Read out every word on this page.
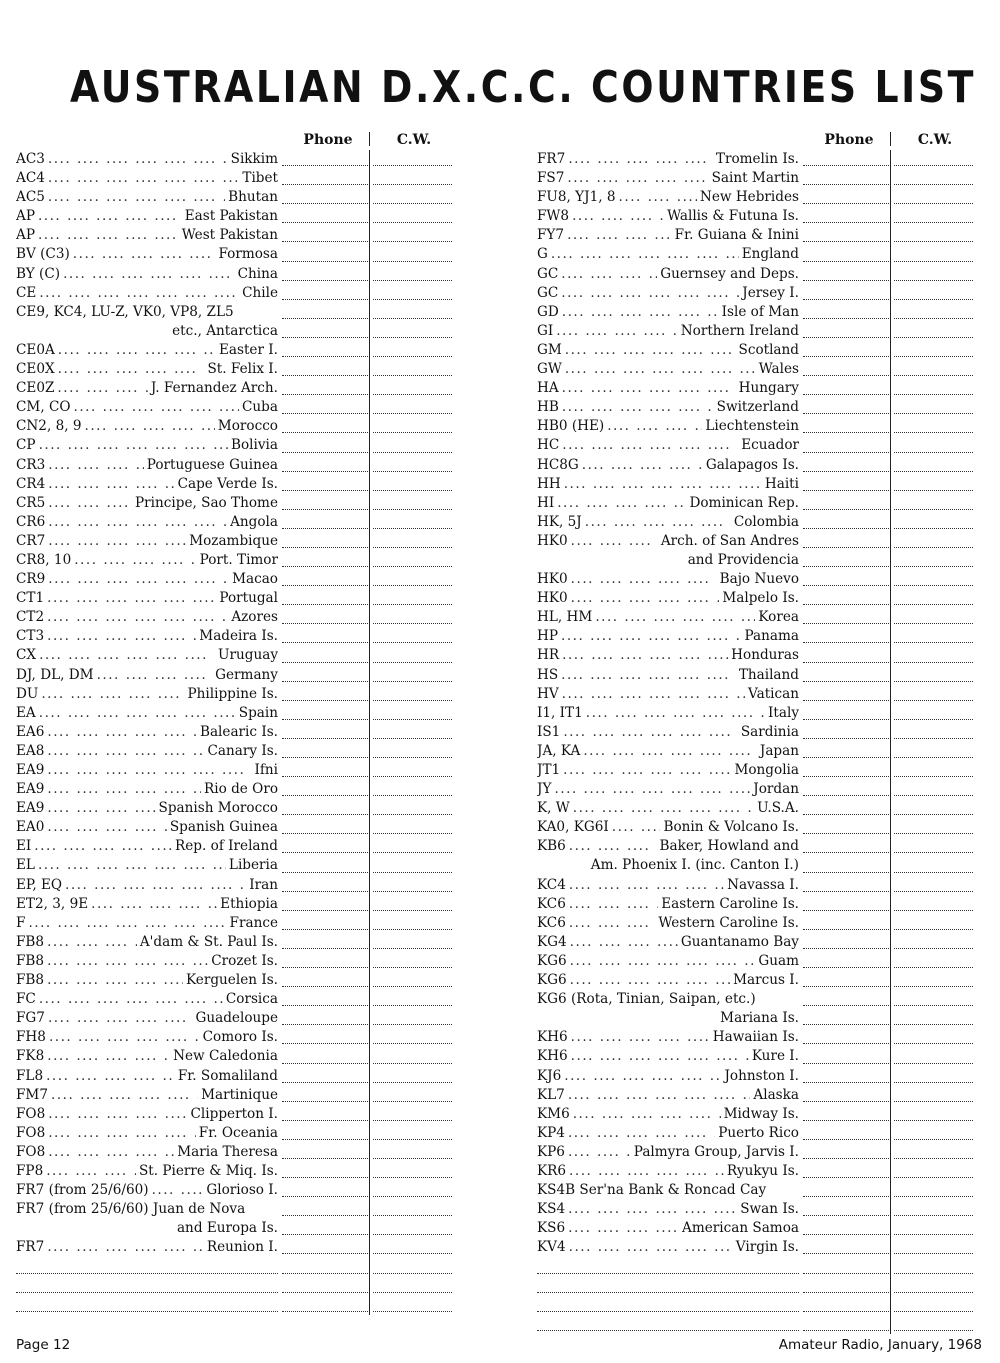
AUSTRALIAN D.X.C.C. COUNTRIES LIST
Phone	C.W.
AC3 ....	Sikkim
AC4 ....	Tibet
AC5 ....	Bhutan
AP ....	East Pakistan
AP ....	West Pakistan
BV (C3) ....	Formosa
BY (C) ....	China
CE ....	Chile
CE9, KC4, LU-Z, VK0, VP8, ZL5
etc., Antarctica
CE0A ....	Easter I.
CE0X ....	St. Felix I.
CE0Z ....	J. Fernandez Arch.
CM, CO ....	Cuba
CN2, 8, 9 ....	Morocco
CP ....	Bolivia
CR3 ....	Portuguese Guinea
CR4 ....	Cape Verde Is.
CR5 ....	Principe, Sao Thome
CR6 ....	Angola
CR7 ....	Mozambique
CR8, 10 ....	Port. Timor
CR9 ....	Macao
CT1 ....	Portugal
CT2 ....	Azores
CT3 ....	Madeira Is.
CX ....	Uruguay
DJ, DL, DM ....	Germany
DU ....	Philippine Is.
EA ....	Spain
EA6 ....	Balearic Is.
EA8 ....	Canary Is.
EA9 ....	Ifni
EA9 ....	Rio de Oro
EA9 ....	Spanish Morocco
EA0 ....	Spanish Guinea
EI ....	Rep. of Ireland
EL ....	Liberia
EP, EQ ....	Iran
ET2, 3, 9E ....	Ethiopia
F ....	France
FB8 ....	A'dam & St. Paul Is.
FB8 ....	Crozet Is.
FB8 ....	Kerguelen Is.
FC ....	Corsica
FG7 ....	Guadeloupe
FH8 ....	Comoro Is.
FK8 ....	New Caledonia
FL8 ....	Fr. Somaliland
FM7 ....	Martinique
FO8 ....	Clipperton I.
FO8 ....	Fr. Oceania
FO8 ....	Maria Theresa
FP8 ....	St. Pierre & Miq. Is.
FR7 (from 25/6/60) ....	Glorioso I.
FR7 (from 25/6/60) Juan de Nova
and Europa Is.
FR7 ....	Reunion I.
Phone	C.W.
FR7 ....	Tromelin Is.
FS7 ....	Saint Martin
FU8, YJ1, 8 ....	New Hebrides
FW8 ....	Wallis & Futuna Is.
FY7 ....	Fr. Guiana & Inini
G ....	England
GC ....	Guernsey and Deps.
GC ....	Jersey I.
GD ....	Isle of Man
GI ....	Northern Ireland
GM ....	Scotland
GW ....	Wales
HA ....	Hungary
HB ....	Switzerland
HB0 (HE) ....	Liechtenstein
HC ....	Ecuador
HC8G ....	Galapagos Is.
HH ....	Haiti
HI ....	Dominican Rep.
HK, 5J ....	Colombia
HK0 ....	Arch. of San Andres
and Providencia
HK0 ....	Bajo Nuevo
HK0 ....	Malpelo Is.
HL, HM ....	Korea
HP ....	Panama
HR ....	Honduras
HS ....	Thailand
HV ....	Vatican
I1, IT1 ....	Italy
IS1 ....	Sardinia
JA, KA ....	Japan
JT1 ....	Mongolia
JY ....	Jordan
K, W ....	U.S.A.
KA0, KG6I ....	Bonin & Volcano Is.
KB6 ....	Baker, Howland and
Am. Phoenix I. (inc. Canton I.)
KC4 ....	Navassa I.
KC6 ....	Eastern Caroline Is.
KC6 ....	Western Caroline Is.
KG4 ....	Guantanamo Bay
KG6 ....	Guam
KG6 ....	Marcus I.
KG6 (Rota, Tinian, Saipan, etc.)
Mariana Is.
KH6 ....	Hawaiian Is.
KH6 ....	Kure I.
KJ6 ....	Johnston I.
KL7 ....	Alaska
KM6 ....	Midway Is.
KP4 ....	Puerto Rico
KP6 ....	Palmyra Group, Jarvis I.
KR6 ....	Ryukyu Is.
KS4B Ser'na Bank & Roncad Cay
KS4 ....	Swan Is.
KS6 ....	American Samoa
KV4 ....	Virgin Is.
Page 12	Amateur Radio, January, 1968
